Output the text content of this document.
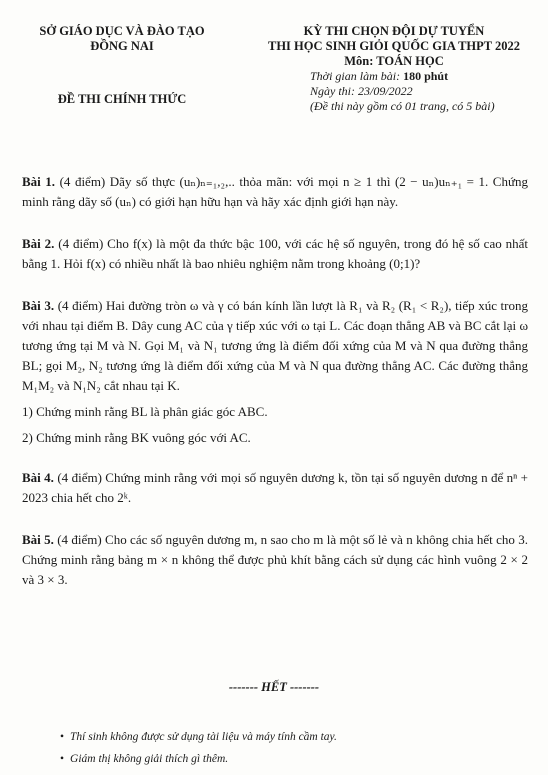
SỞ GIÁO DỤC VÀ ĐÀO TẠO
ĐỒNG NAI
ĐỀ THI CHÍNH THỨC
KỲ THI CHỌN ĐỘI DỰ TUYỂN
THI HỌC SINH GIỎI QUỐC GIA THPT 2022
Môn: TOÁN HỌC
Thời gian làm bài: 180 phút
Ngày thi: 23/09/2022
(Đề thi này gồm có 01 trang, có 5 bài)

Bài 1. (4 điểm) Dãy số thực (uₙ)ₙ₌₁,₂,.. thỏa mãn: với mọi n ≥ 1 thì (2 − uₙ)uₙ₊₁ = 1. Chứng minh rằng dãy số (uₙ) có giới hạn hữu hạn và hãy xác định giới hạn này.

Bài 2. (4 điểm) Cho f(x) là một đa thức bậc 100, với các hệ số nguyên, trong đó hệ số cao nhất bằng 1. Hỏi f(x) có nhiều nhất là bao nhiêu nghiệm nằm trong khoảng (0;1)?

Bài 3. (4 điểm) Hai đường tròn ω và γ có bán kính lần lượt là R₁ và R₂ (R₁ < R₂), tiếp xúc trong với nhau tại điểm B. Dây cung AC của γ tiếp xúc với ω tại L. Các đoạn thẳng AB và BC cắt lại ω tương ứng tại M và N. Gọi M₁ và N₁ tương ứng là điểm đối xứng của M và N qua đường thẳng BL; gọi M₂, N₂ tương ứng là điểm đối xứng của M và N qua đường thẳng AC. Các đường thẳng M₁M₂ và N₁N₂ cắt nhau tại K.

1) Chứng minh rằng BL là phân giác góc ABC.

2) Chứng minh rằng BK vuông góc với AC.

Bài 4. (4 điểm) Chứng minh rằng với mọi số nguyên dương k, tồn tại số nguyên dương n để nⁿ + 2023 chia hết cho 2ᵏ.

Bài 5. (4 điểm) Cho các số nguyên dương m, n sao cho m là một số lẻ và n không chia hết cho 3. Chứng minh rằng bảng m × n không thể được phủ khít bằng cách sử dụng các hình vuông 2 × 2 và 3 × 3.

------- HẾT -------
• Thí sinh không được sử dụng tài liệu và máy tính cầm tay.
• Giám thị không giải thích gì thêm.
